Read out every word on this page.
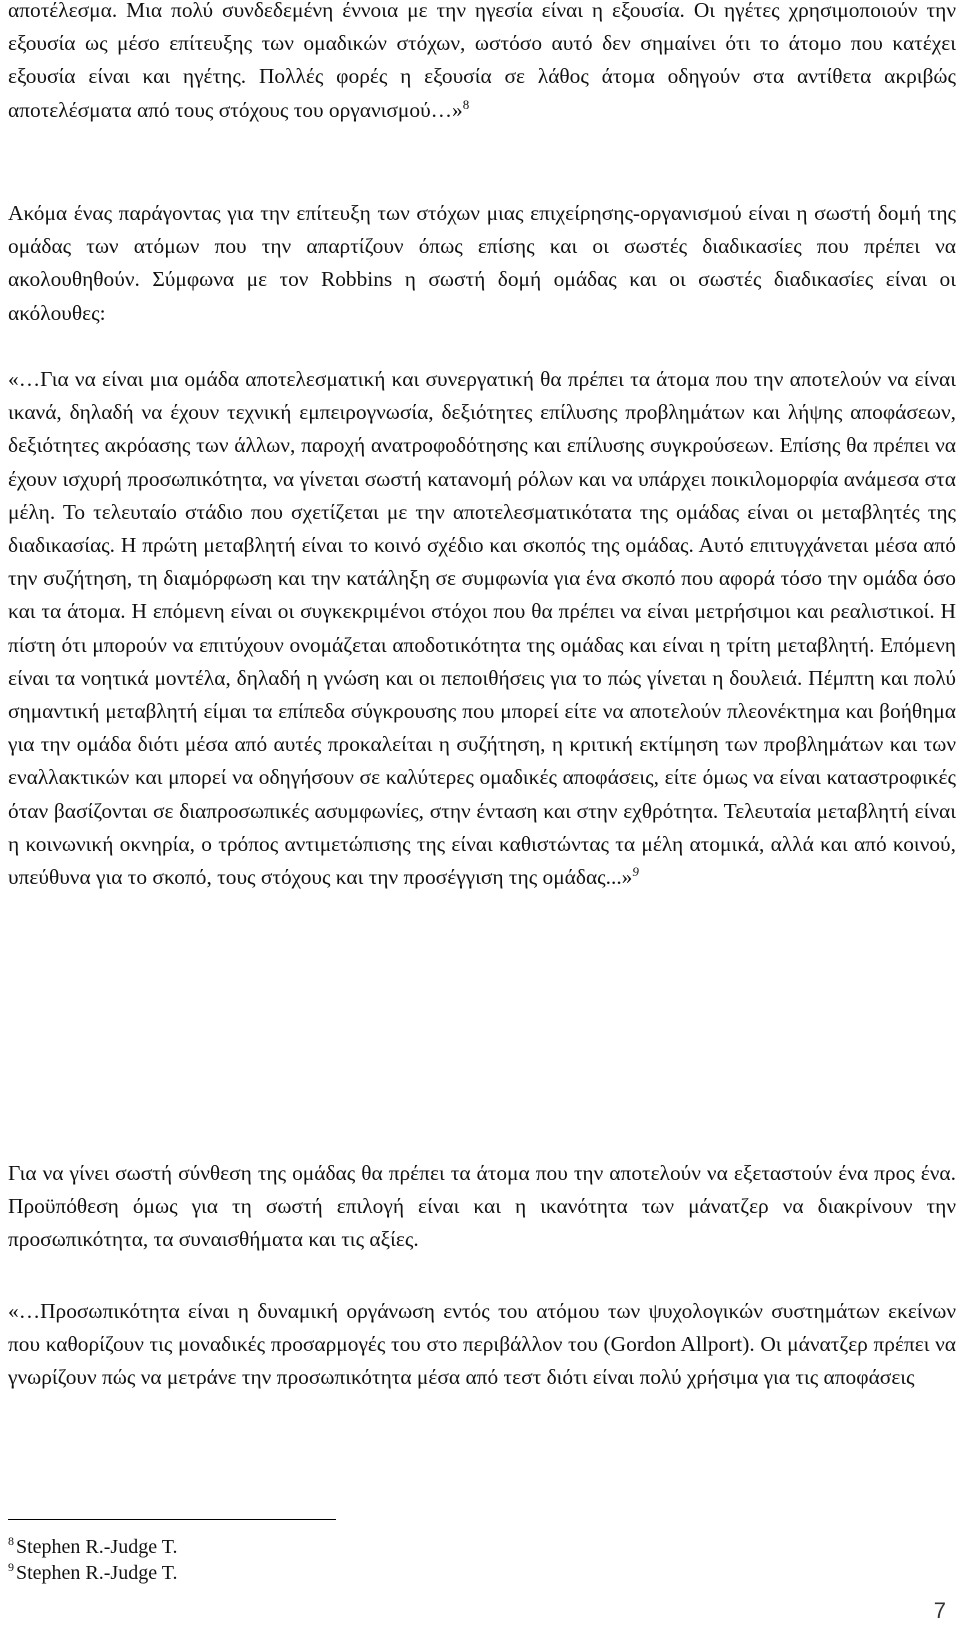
αποτέλεσμα. Μια πολύ συνδεδεμένη έννοια με την ηγεσία είναι η εξουσία. Οι ηγέτες χρησιμοποιούν την εξουσία ως μέσο επίτευξης των ομαδικών στόχων, ωστόσο αυτό δεν σημαίνει ότι το άτομο που κατέχει εξουσία είναι και ηγέτης. Πολλές φορές η εξουσία σε λάθος άτομα οδηγούν στα αντίθετα ακριβώς αποτελέσματα από τους στόχους του οργανισμού…»$^8$

Ακόμα ένας παράγοντας για την επίτευξη των στόχων μιας επιχείρησης-οργανισμού είναι η σωστή δομή της ομάδας των ατόμων που την απαρτίζουν όπως επίσης και οι σωστές διαδικασίες που πρέπει να ακολουθηθούν. Σύμφωνα με τον Robbins η σωστή δομή ομάδας και οι σωστές διαδικασίες είναι οι ακόλουθες:

«…Για να είναι μια ομάδα αποτελεσματική και συνεργατική θα πρέπει τα άτομα που την αποτελούν να είναι ικανά, δηλαδή να έχουν τεχνική εμπειρογνωσία, δεξιότητες επίλυσης προβλημάτων και λήψης αποφάσεων, δεξιότητες ακρόασης των άλλων, παροχή ανατροφοδότησης και επίλυσης συγκρούσεων. Επίσης θα πρέπει να έχουν ισχυρή προσωπικότητα, να γίνεται σωστή κατανομή ρόλων και να υπάρχει ποικιλομορφία ανάμεσα στα μέλη. Το τελευταίο στάδιο που σχετίζεται με την αποτελεσματικότατα της ομάδας είναι οι μεταβλητές της διαδικασίας. Η πρώτη μεταβλητή είναι το κοινό σχέδιο και σκοπός της ομάδας. Αυτό επιτυγχάνεται μέσα από την συζήτηση, τη διαμόρφωση και την κατάληξη σε συμφωνία για ένα σκοπό που αφορά τόσο την ομάδα όσο και τα άτομα. Η επόμενη είναι οι συγκεκριμένοι στόχοι που θα πρέπει να είναι μετρήσιμοι και ρεαλιστικοί. Η πίστη ότι μπορούν να επιτύχουν ονομάζεται αποδοτικότητα της ομάδας και είναι η τρίτη μεταβλητή. Επόμενη είναι τα νοητικά μοντέλα, δηλαδή η γνώση και οι πεποιθήσεις για το πώς γίνεται η δουλειά. Πέμπτη και πολύ σημαντική μεταβλητή είμαι τα επίπεδα σύγκρουσης που μπορεί είτε να αποτελούν πλεονέκτημα και βοήθημα για την ομάδα διότι μέσα από αυτές προκαλείται η συζήτηση, η κριτική εκτίμηση των προβλημάτων και των εναλλακτικών και μπορεί να οδηγήσουν σε καλύτερες ομαδικές αποφάσεις, είτε όμως να είναι καταστροφικές όταν βασίζονται σε διαπροσωπικές ασυμφωνίες, στην ένταση και στην εχθρότητα. Τελευταία μεταβλητή είναι η κοινωνική οκνηρία, ο τρόπος αντιμετώπισης της είναι καθιστώντας τα μέλη ατομικά, αλλά και από κοινού, υπεύθυνα για το σκοπό, τους στόχους και την προσέγγιση της ομάδας...»$^9$

Για να γίνει σωστή σύνθεση της ομάδας θα πρέπει τα άτομα που την αποτελούν να εξεταστούν ένα προς ένα. Προϋπόθεση όμως για τη σωστή επιλογή είναι και η ικανότητα των μάνατζερ να διακρίνουν την προσωπικότητα, τα συναισθήματα και τις αξίες.

«…Προσωπικότητα είναι η δυναμική οργάνωση εντός του ατόμου των ψυχολογικών συστημάτων εκείνων που καθορίζουν τις μοναδικές προσαρμογές του στο περιβάλλον του (Gordon Allport). Οι μάνατζερ πρέπει να γνωρίζουν πώς να μετράνε την προσωπικότητα μέσα από τεστ διότι είναι πολύ χρήσιμα για τις αποφάσεις

$^8$ Stephen R.-Judge T.
$^9$ Stephen R.-Judge T.
7
